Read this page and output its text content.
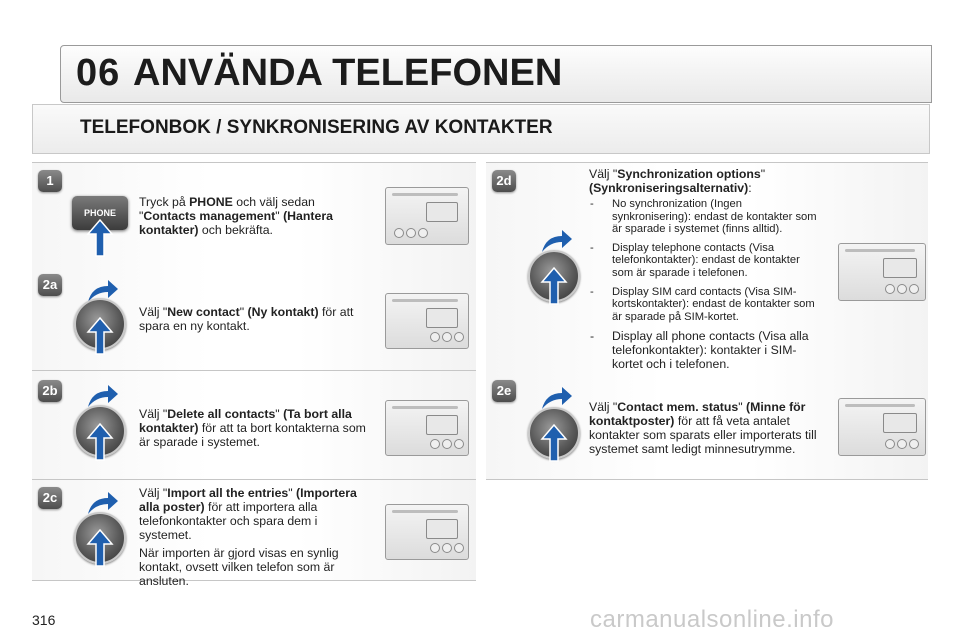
06 ANVÄNDA TELEFONEN
TELEFONBOK / SYNKRONISERING AV KONTAKTER
1
PHONE
Tryck på PHONE och välj sedan "Contacts management" (Hantera kontakter) och bekräfta.
2a
Välj "New contact" (Ny kontakt) för att spara en ny kontakt.
2b
Välj "Delete all contacts" (Ta bort alla kontakter) för att ta bort kontakterna som är sparade i systemet.
2c	Välj "Import all the entries" (Importera alla poster) för att importera alla telefonkontakter och spara dem i systemet.
När importen är gjord visas en synlig kontakt, ovsett vilken telefon som är ansluten.
2d	Välj "Synchronization options" (Synkroniseringsalternativ):
- No synchronization (Ingen synkronisering): endast de kontakter som är sparade i systemet (finns alltid).
- Display telephone contacts (Visa telefonkontakter): endast de kontakter som är sparade i telefonen.
- Display SIM card contacts (Visa SIM-kortskontakter): endast de kontakter som är sparade på SIM-kortet.
- Display all phone contacts (Visa alla telefonkontakter): kontakter i SIM-kortet och i telefonen.
2e
Välj "Contact mem. status" (Minne för kontaktposter) för att få veta antalet kontakter som sparats eller importerats till systemet samt ledigt minnesutrymme.
316	carmanualsonline.info
